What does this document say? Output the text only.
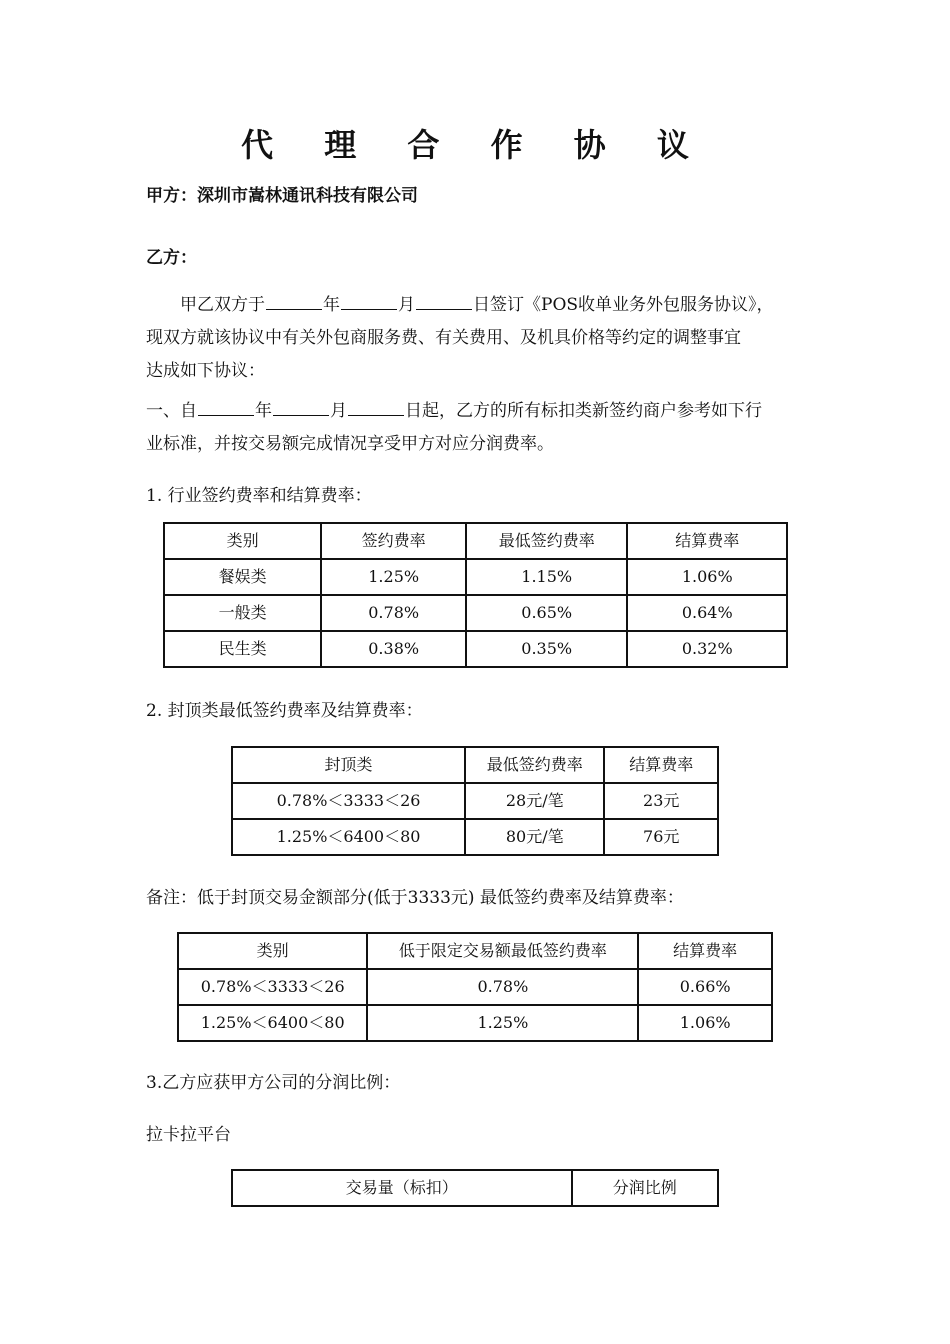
代 理 合 作 协 议
甲方：深圳市嵩林通讯科技有限公司
乙方：
甲乙双方于	年	月	日签订《POS收单业务外包服务协议》，
现双方就该协议中有关外包商服务费、有关费用、及机具价格等约定的调整事宜
达成如下协议：
一、自	年	月	日起，乙方的所有标扣类新签约商户参考如下行
业标准，并按交易额完成情况享受甲方对应分润费率。
1. 行业签约费率和结算费率：
类别	签约费率	最低签约费率	结算费率
餐娱类	1.25%	1.15%	1.06%
一般类	0.78%	0.65%	0.64%
民生类	0.38%	0.35%	0.32%
2. 封顶类最低签约费率及结算费率：
封顶类	最低签约费率	结算费率
0.78%＜3333＜26	28元/笔	23元
1.25%＜6400＜80	80元/笔	76元
备注：低于封顶交易金额部分(低于3333元) 最低签约费率及结算费率：
类别	低于限定交易额最低签约费率	结算费率
0.78%＜3333＜26	0.78%	0.66%
1.25%＜6400＜80	1.25%	1.06%
3.乙方应获甲方公司的分润比例：
拉卡拉平台
交易量（标扣）	分润比例
